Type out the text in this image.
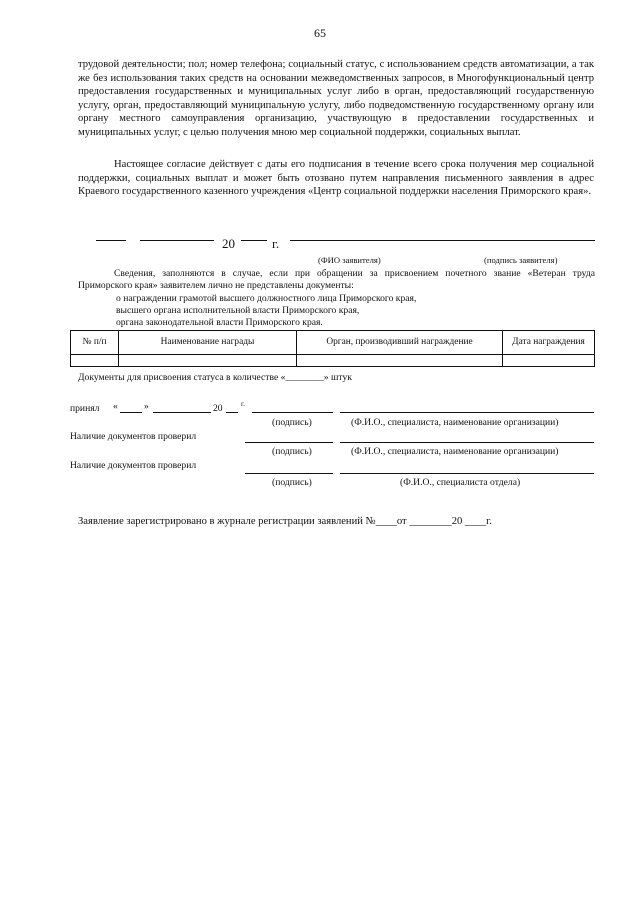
65
трудовой деятельности; пол; номер телефона; социальный статус, с использованием средств автоматизации, а так же без использования таких средств на основании межведомственных запросов, в Многофункциональный центр предоставления государственных и муниципальных услуг либо в орган, предоставляющий государственную услугу, орган, предоставляющий муниципальную услугу, либо подведомственную государственному органу или органу местного самоуправления организацию, участвующую в предоставлении государственных и муниципальных услуг, с целью получения мною мер социальной поддержки, социальных выплат.
Настоящее согласие действует с даты его подписания в течение всего срока получения мер социальной поддержки, социальных выплат и может быть отозвано путем направления письменного заявления в адрес Краевого государственного казенного учреждения «Центр социальной поддержки населения Приморского края».
20	г.
(ФИО заявителя)	(подпись заявителя)
Сведения, заполняются в случае, если при обращении за присвоением почетного звание «Ветеран труда Приморского края» заявителем лично не представлены документы:
о награждении грамотой высшего должностного лица Приморского края,
высшего органа исполнительной власти Приморского края,
органа законодательной власти Приморского края.
№ п/п	Наименование награды	Орган, производивший награждение	Дата награждения

Документы для присвоения статуса в количестве «________» штук
принял «	»	20	г.
(подпись)	(Ф.И.О., специалиста, наименование организации)
Наличие документов проверил
(подпись)	(Ф.И.О., специалиста, наименование организации)
Наличие документов проверил
(подпись)	(Ф.И.О., специалиста отдела)
Заявление зарегистрировано в журнале регистрации заявлений №____от ________20 ____г.
